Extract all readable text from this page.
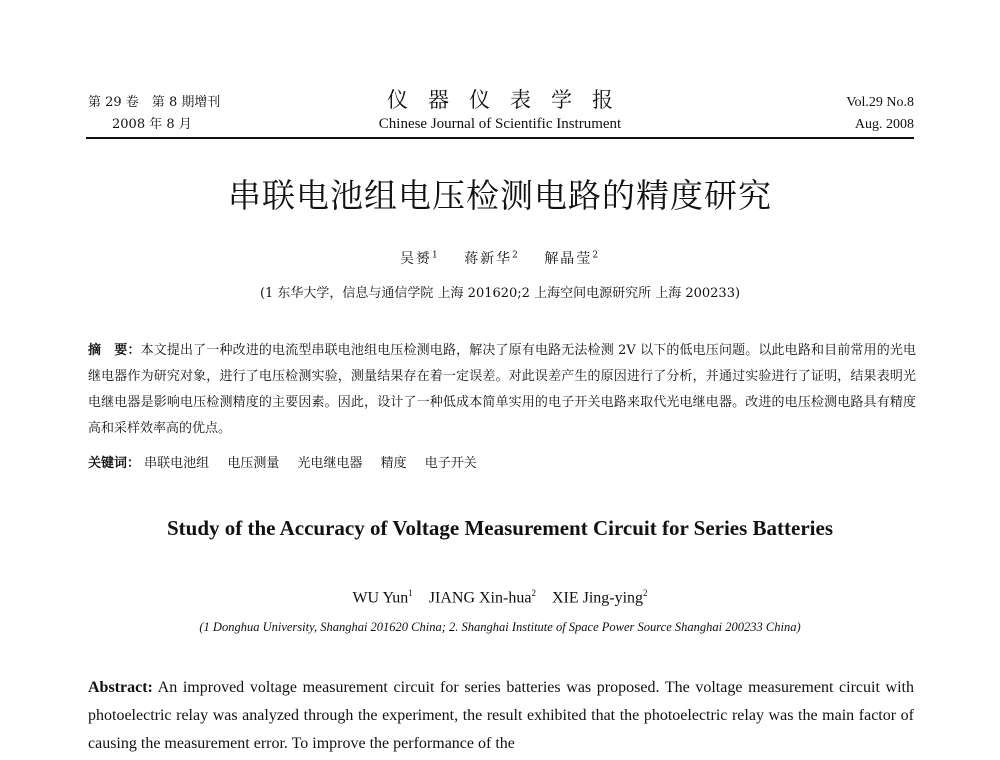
第 29 卷　第 8 期增刊
2008 年 8 月
仪器仪表学报
Chinese Journal of Scientific Instrument
Vol.29 No.8
Aug. 2008
串联电池组电压检测电路的精度研究
吴赟$^1$ 蒋新华$^2$ 解晶莹$^2$
(1 东华大学，信息与通信学院 上海 201620;2 上海空间电源研究所 上海 200233)
摘　要：本文提出了一种改进的电流型串联电池组电压检测电路，解决了原有电路无法检测 2V 以下的低电压问题。以此电路和目前常用的光电继电器作为研究对象，进行了电压检测实验，测量结果存在着一定误差。对此误差产生的原因进行了分析，并通过实验进行了证明，结果表明光电继电器是影响电压检测精度的主要因素。因此，设计了一种低成本简单实用的电子开关电路来取代光电继电器。改进的电压检测电路具有精度高和采样效率高的优点。
关键词： 串联电池组 电压测量 光电继电器 精度 电子开关
Study of the Accuracy of Voltage Measurement Circuit for Series Batteries
WU Yun$^1$ JIANG Xin-hua$^2$ XIE Jing-ying$^2$
(1 Donghua University, Shanghai 201620 China; 2. Shanghai Institute of Space Power Source Shanghai 200233 China)
Abstract: An improved voltage measurement circuit for series batteries was proposed. The voltage measurement circuit with photoelectric relay was analyzed through the experiment, the result exhibited that the photoelectric relay was the main factor of causing the measurement error. To improve the performance of the
